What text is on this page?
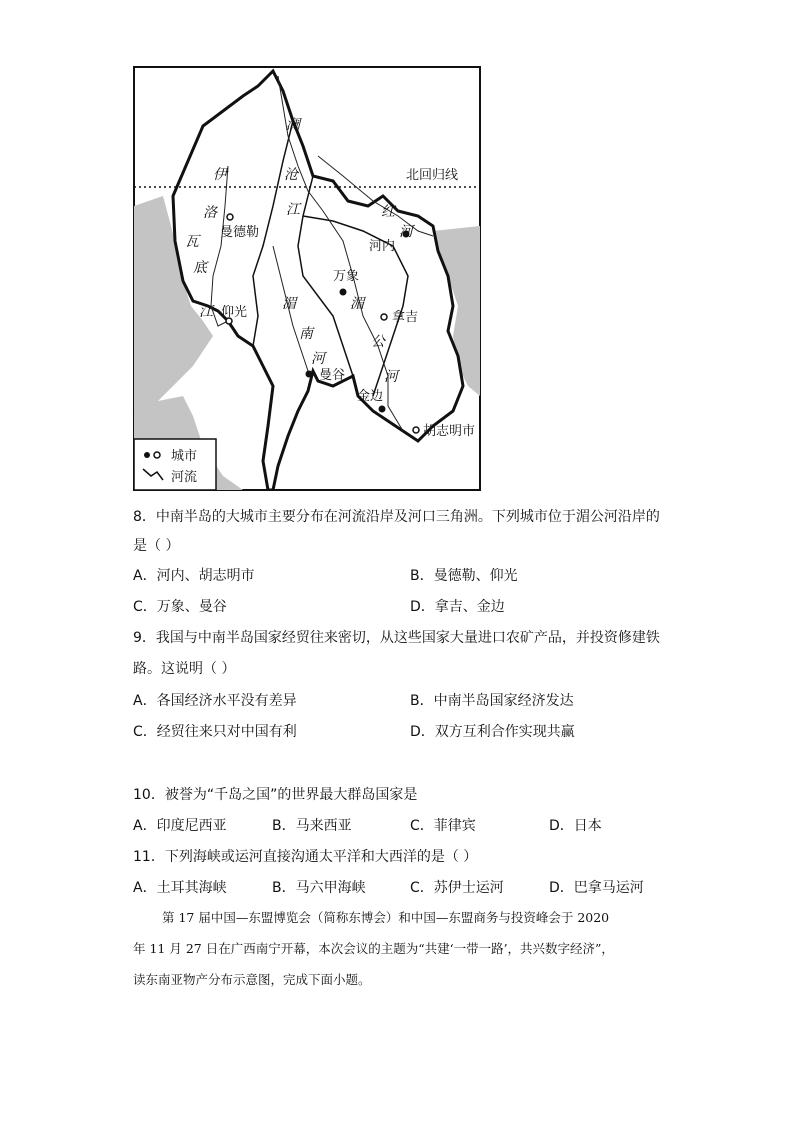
北回归线
曼德勒
仰光
万象
拿吉
河内
曼谷
金边
胡志明市
澜
沧
江
伊
洛
瓦
底
江	湄
南
河
湄
公
河
红
河
城市
河流
8．中南半岛的大城市主要分布在河流沿岸及河口三角洲。下列城市位于湄公河沿岸的
是（ ）
A．河内、胡志明市	B．曼德勒、仰光
C．万象、曼谷	D．拿吉、金边
9．我国与中南半岛国家经贸往来密切，从这些国家大量进口农矿产品，并投资修建铁
路。这说明（ ）
A．各国经济水平没有差异	B．中南半岛国家经济发达
C．经贸往来只对中国有利	D．双方互利合作实现共赢
10．被誉为“千岛之国”的世界最大群岛国家是
A．印度尼西亚	B．马来西亚	C．菲律宾	D．日本
11．下列海峡或运河直接沟通太平洋和大西洋的是（ ）
A．土耳其海峡	B．马六甲海峡	C．苏伊士运河	D．巴拿马运河
第 17 届中国—东盟博览会（简称东博会）和中国—东盟商务与投资峰会于 2020
年 11 月 27 日在广西南宁开幕，本次会议的主题为“共建‘一带一路’，共兴数字经济”，
读东南亚物产分布示意图，完成下面小题。
